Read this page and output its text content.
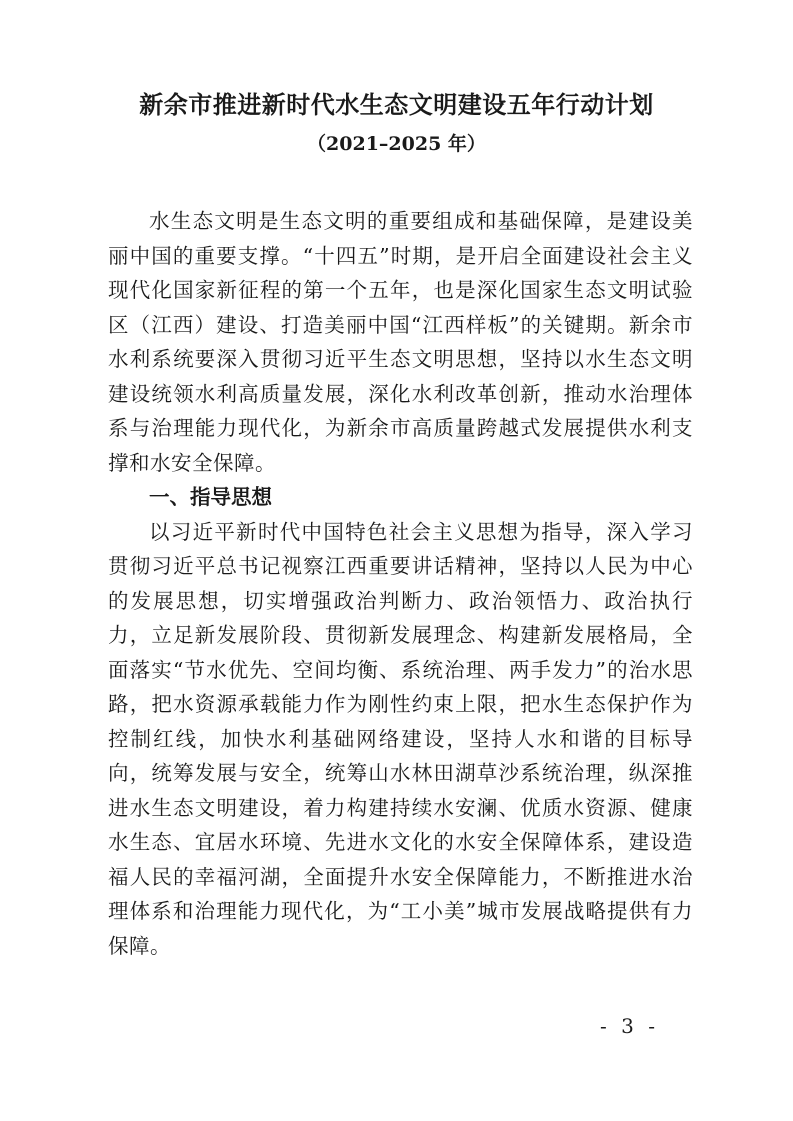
新余市推进新时代水生态文明建设五年行动计划
（2021–2025 年）

水生态文明是生态文明的重要组成和基础保障，是建设美丽中国的重要支撑。“十四五”时期，是开启全面建设社会主义现代化国家新征程的第一个五年，也是深化国家生态文明试验区（江西）建设、打造美丽中国“江西样板”的关键期。新余市水利系统要深入贯彻习近平生态文明思想，坚持以水生态文明建设统领水利高质量发展，深化水利改革创新，推动水治理体系与治理能力现代化，为新余市高质量跨越式发展提供水利支撑和水安全保障。

一、指导思想

以习近平新时代中国特色社会主义思想为指导，深入学习贯彻习近平总书记视察江西重要讲话精神，坚持以人民为中心的发展思想，切实增强政治判断力、政治领悟力、政治执行力，立足新发展阶段、贯彻新发展理念、构建新发展格局，全面落实“节水优先、空间均衡、系统治理、两手发力”的治水思路，把水资源承载能力作为刚性约束上限，把水生态保护作为控制红线，加快水利基础网络建设，坚持人水和谐的目标导向，统筹发展与安全，统筹山水林田湖草沙系统治理，纵深推进水生态文明建设，着力构建持续水安澜、优质水资源、健康水生态、宜居水环境、先进水文化的水安全保障体系，建设造福人民的幸福河湖，全面提升水安全保障能力，不断推进水治理体系和治理能力现代化，为“工小美”城市发展战略提供有力保障。

- 3 -
